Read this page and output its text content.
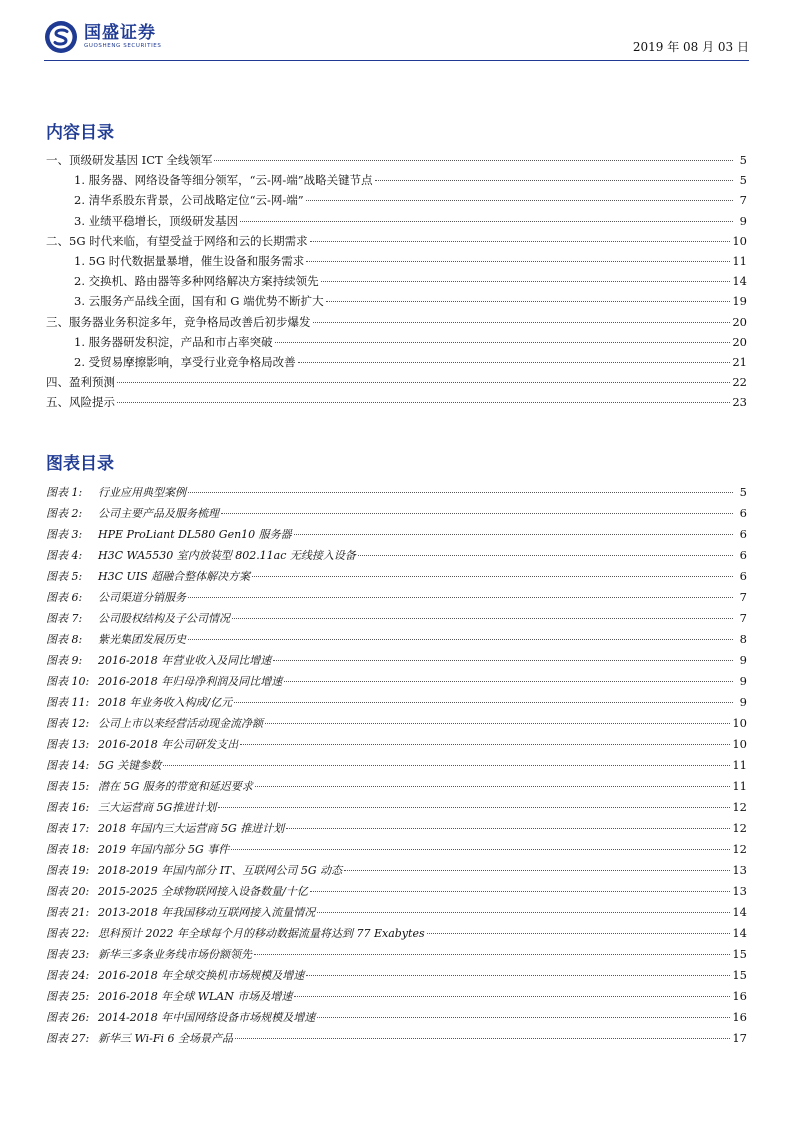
国盛证券
GUOSHENG SECURITIES	2019 年 08 月 03 日
内容目录
一、顶级研发基因 ICT 全线领军	5
1. 服务器、网络设备等细分领军，“云-网-端”战略关键节点	5
2. 清华系股东背景，公司战略定位“云-网-端”	7
3. 业绩平稳增长，顶级研发基因	9
二、5G 时代来临，有望受益于网络和云的长期需求	10
1. 5G 时代数据量暴增，催生设备和服务需求	11
2. 交换机、路由器等多种网络解决方案持续领先	14
3. 云服务产品线全面，国有和 G 端优势不断扩大	19
三、服务器业务积淀多年，竞争格局改善后初步爆发	20
1. 服务器研发积淀，产品和市占率突破	20
2. 受贸易摩擦影响，享受行业竞争格局改善	21
四、盈利预测	22
五、风险提示	23
图表目录
图表 1:	行业应用典型案例	5
图表 2:	公司主要产品及服务梳理	6
图表 3:	HPE ProLiant DL580 Gen10 服务器	6
图表 4:	H3C WA5530 室内放装型 802.11ac 无线接入设备	6
图表 5:	H3C UIS 超融合整体解决方案	6
图表 6:	公司渠道分销服务	7
图表 7:	公司股权结构及子公司情况	7
图表 8:	紫光集团发展历史	8
图表 9:	2016-2018 年营业收入及同比增速	9
图表 10: 2016-2018 年归母净利润及同比增速	9
图表 11: 2018 年业务收入构成/亿元	9
图表 12: 公司上市以来经营活动现金流净额	10
图表 13: 2016-2018 年公司研发支出	10
图表 14: 5G 关键参数	11
图表 15: 潜在 5G 服务的带宽和延迟要求	11
图表 16: 三大运营商 5G推进计划	12
图表 17: 2018 年国内三大运营商 5G 推进计划	12
图表 18: 2019 年国内部分 5G 事件	12
图表 19: 2018-2019 年国内部分 IT、互联网公司 5G 动态	13
图表 20: 2015-2025 全球物联网接入设备数量/十亿	13
图表 21: 2013-2018 年我国移动互联网接入流量情况	14
图表 22: 思科预计 2022 年全球每个月的移动数据流量将达到 77 Exabytes	14
图表 23: 新华三多条业务线市场份额领先	15
图表 24: 2016-2018 年全球交换机市场规模及增速	15
图表 25: 2016-2018 年全球 WLAN 市场及增速	16
图表 26: 2014-2018 年中国网络设备市场规模及增速	16
图表 27: 新华三 Wi-Fi 6 全场景产品	17
